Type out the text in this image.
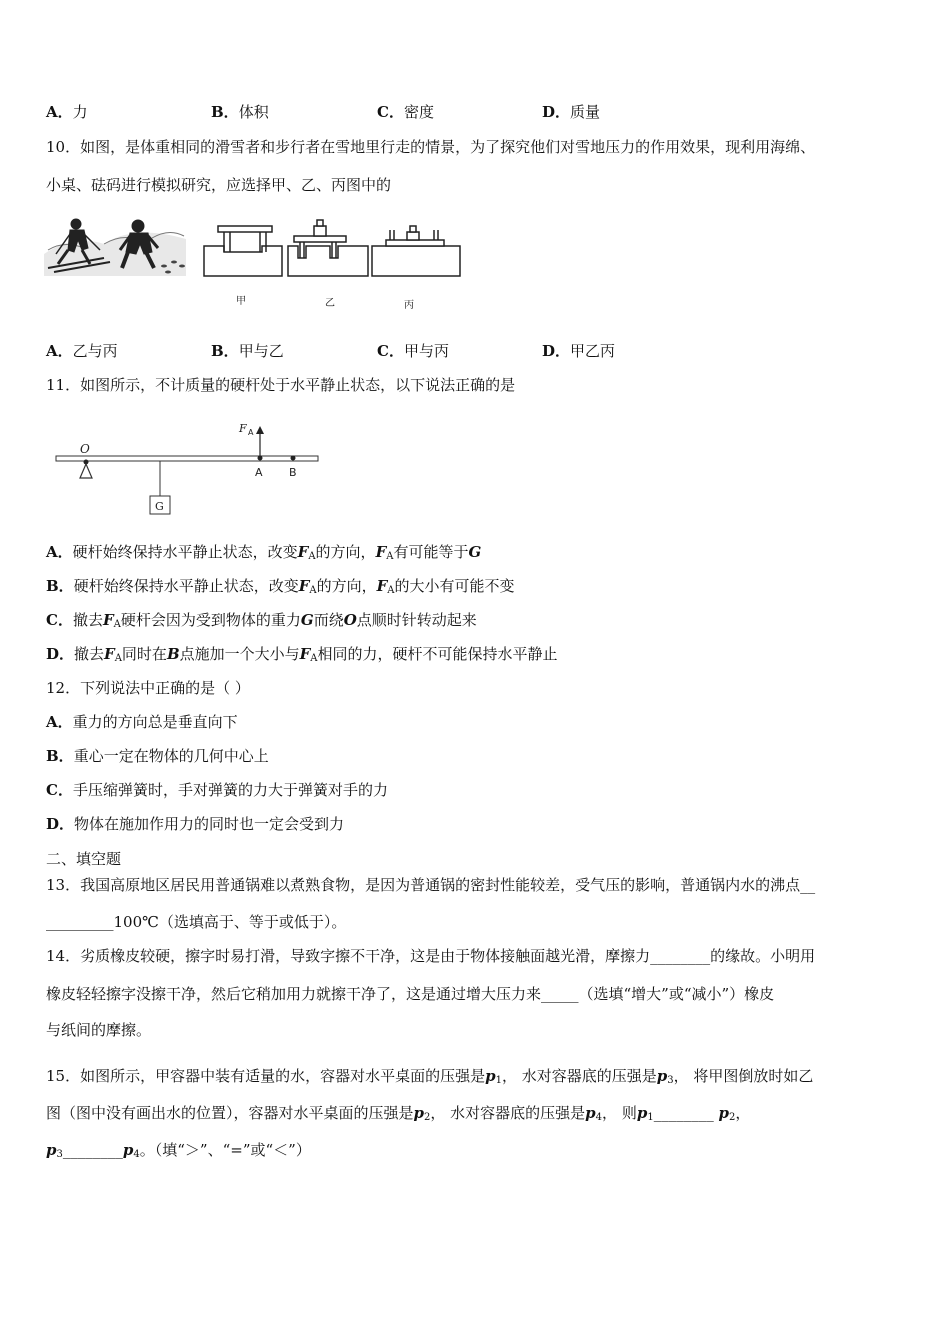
A．力	B．体积	C．密度	D．质量
10．如图，是体重相同的滑雪者和步行者在雪地里行走的情景，为了探究他们对雪地压力的作用效果，现利用海绵、
小桌、砝码进行模拟研究，应选择甲、乙、丙图中的
甲	乙	丙
A．乙与丙	B．甲与乙	C．甲与丙	D．甲乙丙
11．如图所示，不计质量的硬杆处于水平静止状态，以下说法正确的是
O
G
F A
A B
A．硬杆始终保持水平静止状态，改变$F_A$的方向，$F_A$有可能等于G
B．硬杆始终保持水平静止状态，改变$F_A$的方向，$F_A$的大小有可能不变
C．撤去$F_A$硬杆会因为受到物体的重力G而绕O点顺时针转动起来
D．撤去$F_A$同时在B点施加一个大小与$F_A$相同的力，硬杆不可能保持水平静止
12．下列说法中正确的是（ ）
A．重力的方向总是垂直向下
B．重心一定在物体的几何中心上
C．手压缩弹簧时，手对弹簧的力大于弹簧对手的力
D．物体在施加作用力的同时也一定会受到力
二、填空题
13．我国高原地区居民用普通锅难以煮熟食物，是因为普通锅的密封性能较差，受气压的影响，普通锅内水的沸点__
_________100℃（选填高于、等于或低于）。
14．劣质橡皮较硬，擦字时易打滑，导致字擦不干净，这是由于物体接触面越光滑，摩擦力________的缘故。小明用
橡皮轻轻擦字没擦干净，然后它稍加用力就擦干净了，这是通过增大压力来_____（选填“增大”或“减小”）橡皮
与纸间的摩擦。
15．如图所示，甲容器中装有适量的水，容器对水平桌面的压强是$p_1$， 水对容器底的压强是$p_3$， 将甲图倒放时如乙
图（图中没有画出水的位置），容器对水平桌面的压强是$p_2$， 水对容器底的压强是$p_4$， 则$p_1\_\_\_\_\_\_\_\_$ $p_2$，
$p_3\_\_\_\_\_\_\_\_p_4$。（填“＞”、“=”或“＜”）
